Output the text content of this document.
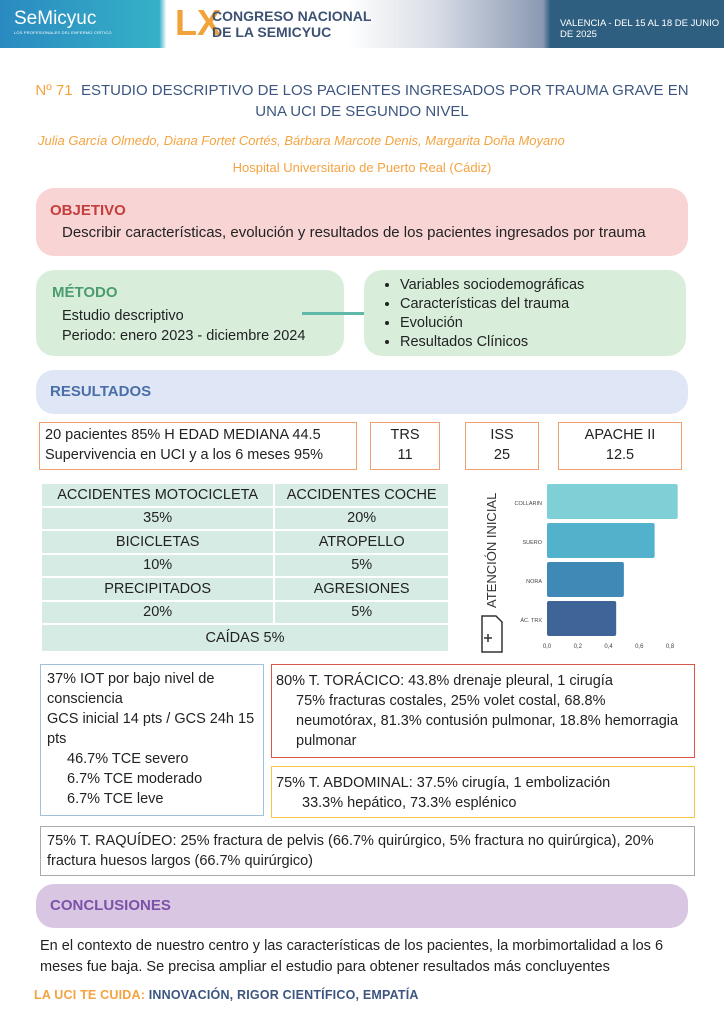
SeMicyuc
LOS PROFESIONALES DEL ENFERMO CRÍTICO LX
CONGRESO NACIONAL
DE LA SEMICYUC
VALENCIA - DEL 15 AL 18 DE JUNIO DE 2025
Nº 71 ESTUDIO DESCRIPTIVO DE LOS PACIENTES INGRESADOS POR TRAUMA GRAVE EN UNA UCI DE SEGUNDO NIVEL
Julia García Olmedo, Diana Fortet Cortés, Bárbara Marcote Denis, Margarita Doña Moyano
Hospital Universitario de Puerto Real (Cádiz)
OBJETIVO
Describir características, evolución y resultados de los pacientes ingresados por trauma
MÉTODO
Estudio descriptivo
Periodo: enero 2023 - diciembre 2024
• Variables sociodemográficas
• Características del trauma
• Evolución
• Resultados Clínicos
RESULTADOS
20 pacientes 85% H EDAD MEDIANA 44.5
Supervivencia en UCI y a los 6 meses 95%
TRS
11
ISS
25
APACHE II
12.5
ACCIDENTES MOTOCICLETA	ACCIDENTES COCHE
35%	20%
BICICLETAS	ATROPELLO
10%	5%
PRECIPITADOS	AGRESIONES
20%	5%
CAÍDAS 5%	
ATENCIÓN INICIAL	COLLARIN
SUERO
NORA
ÁC. TRX
0,0	0,2	0,4	0,6	0,8
37% IOT por bajo nivel de consciencia
GCS inicial 14 pts / GCS 24h 15 pts
46.7% TCE severo
6.7% TCE moderado
6.7% TCE leve
80% T. TORÁCICO: 43.8% drenaje pleural, 1 cirugía
75% fracturas costales, 25% volet costal, 68.8% neumotórax, 81.3% contusión pulmonar, 18.8% hemorragia pulmonar
75% T. ABDOMINAL: 37.5% cirugía, 1 embolización
33.3% hepático, 73.3% esplénico
75% T. RAQUÍDEO: 25% fractura de pelvis (66.7% quirúrgico, 5% fractura no quirúrgica), 20% fractura huesos largos (66.7% quirúrgico)
CONCLUSIONES
En el contexto de nuestro centro y las características de los pacientes, la morbimortalidad a los 6 meses fue baja. Se precisa ampliar el estudio para obtener resultados más concluyentes
LA UCI TE CUIDA: INNOVACIÓN, RIGOR CIENTÍFICO, EMPATÍA
